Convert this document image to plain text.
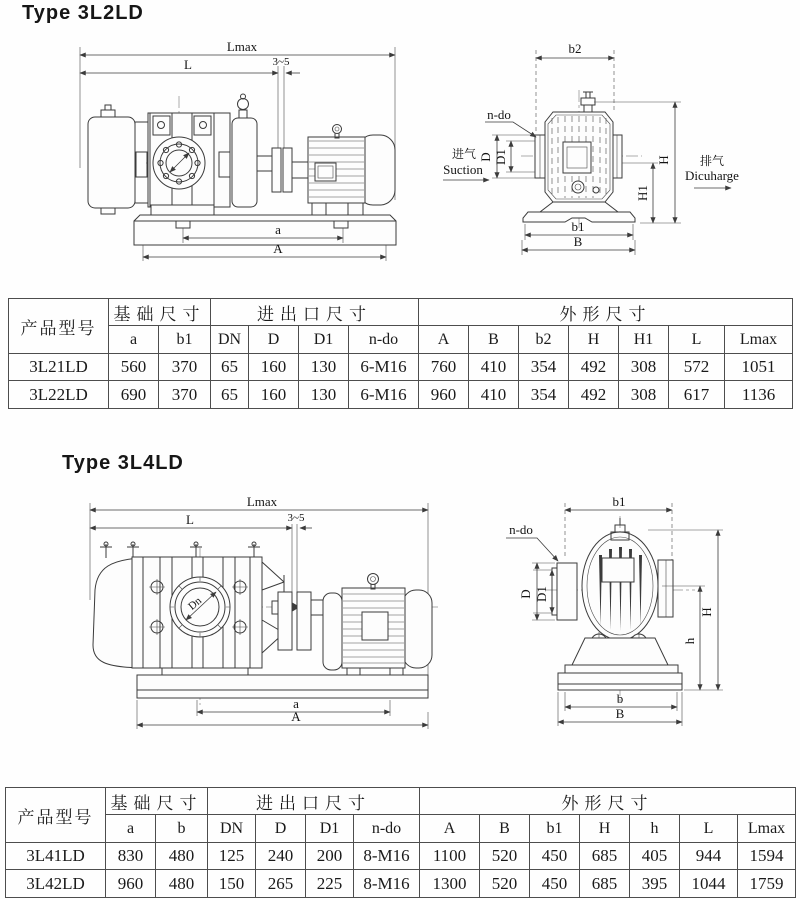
Type 3L2LD
Lmax
L	3~5
a
A
b2
b1
B
H
H1
n-do
D D1
进气
Suction
排气
Dicuharge
产品型号	基础尺寸		进出口尺寸				外形尺寸						
	a	b1	DN	D	D1	n-do	A	B	b2	H	H1	L	Lmax
3L21LD	560	370	65	160	130	6-M16	760	410	354	492	308	572	1051
3L22LD	690	370	65	160	130	6-M16	960	410	354	492	308	617	1136
Type 3L4LD
Lmax
L	3~5
Dn
a
A
b1
b
B
H
h
n-do
D D1
产品型号	基础尺寸		进出口尺寸				外形尺寸						
	a	b	DN	D	D1	n-do	A	B	b1	H	h	L	Lmax
3L41LD	830	480	125	240	200	8-M16	1100	520	450	685	405	944	1594
3L42LD	960	480	150	265	225	8-M16	1300	520	450	685	395	1044	1759
